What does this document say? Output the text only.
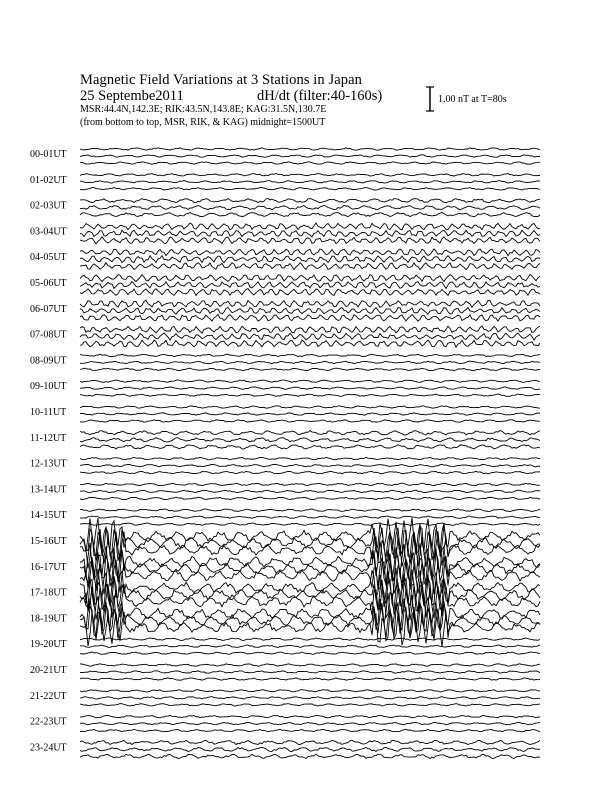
Magnetic Field Variations at 3 Stations in Japan
25 Septembe2011	dH/dt (filter:40-160s)
MSR:44.4N,142.3E; RIK:43.5N,143.8E; KAG:31.5N,130.7E
(from bottom to top, MSR, RIK, & KAG) midnight=1500UT
1.00 nT at T=80s
00-01UT
01-02UT
02-03UT
03-04UT
04-05UT
05-06UT
06-07UT
07-08UT
08-09UT
09-10UT
10-11UT
11-12UT
12-13UT
13-14UT
14-15UT
15-16UT
16-17UT
17-18UT
18-19UT
19-20UT
20-21UT
21-22UT
22-23UT
23-24UT
